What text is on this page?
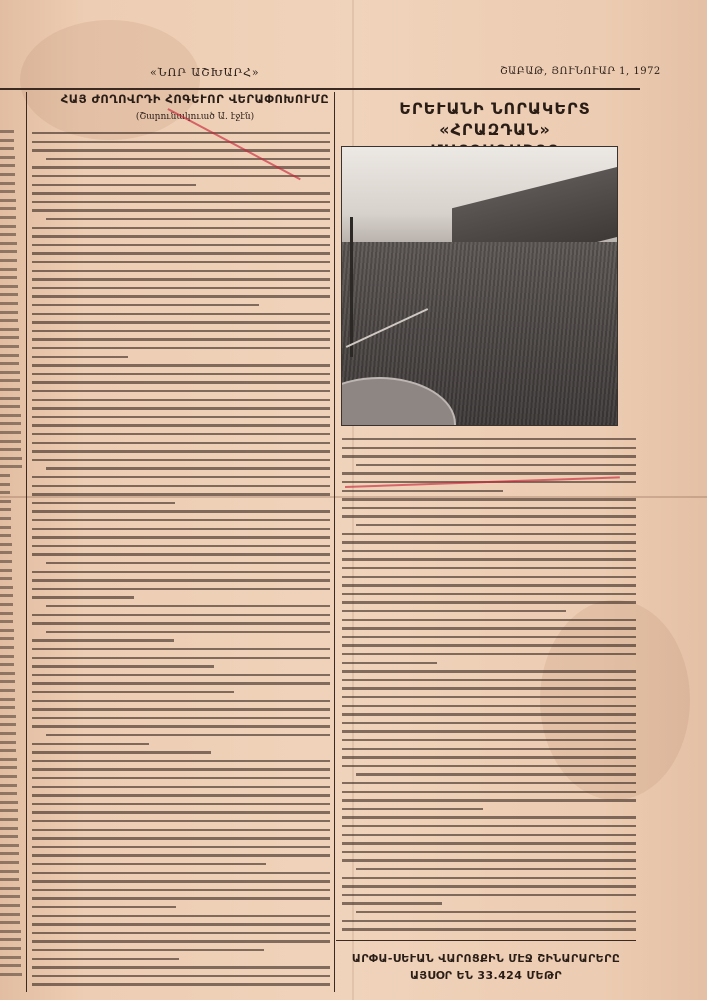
«ՆՈՐ ԱՇԽԱՐՀ»	ՇԱԲԱԹ, ՅՈՒՆՈՒԱՐ 1, 1972
ՀԱՅ ԺՈՂՈՎՐԴԻ ՀՈԳԵՒՈՐ ՎԵՐԱՓՈԽՈՒՄԸ
(Շարունակուած Ա. էջէն)	ԵՐԵՒԱՆԻ ՆՈՐԱԿԵՐՏ «ՀՐԱԶԴԱՆ»
ԱՐՓԱ-ՍԵՒԱՆ ՎԱՐՈՑՔԻՆ ՄԷՋ ՇԻՆԱՐԱՐԵՐԸ
ԱՅՍՕՐ ԵՆ 33.424 ՄԵԹՐ
